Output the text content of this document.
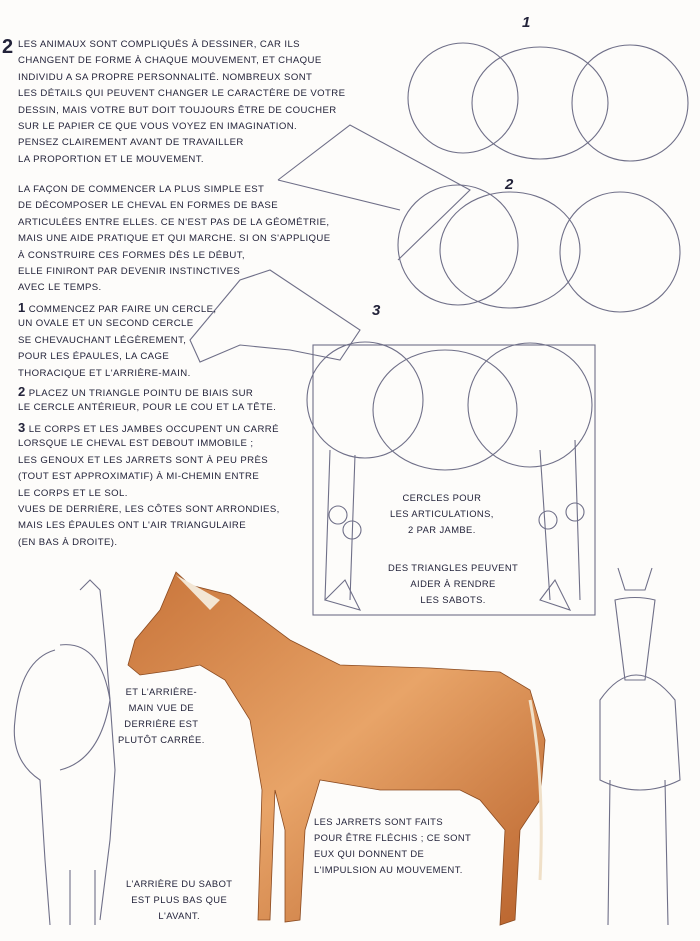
2 LES ANIMAUX SONT COMPLIQUÉS À DESSINER, CAR ILS
CHANGENT DE FORME À CHAQUE MOUVEMENT, ET CHAQUE
INDIVIDU A SA PROPRE PERSONNALITÉ. NOMBREUX SONT
LES DÉTAILS QUI PEUVENT CHANGER LE CARACTÈRE DE VOTRE
DESSIN, MAIS VOTRE BUT DOIT TOUJOURS ÊTRE DE COUCHER
SUR LE PAPIER CE QUE VOUS VOYEZ EN IMAGINATION.
PENSEZ CLAIREMENT AVANT DE TRAVAILLER
LA PROPORTION ET LE MOUVEMENT.
LA FAÇON DE COMMENCER LA PLUS SIMPLE EST
DE DÉCOMPOSER LE CHEVAL EN FORMES DE BASE
ARTICULÉES ENTRE ELLES. CE N'EST PAS DE LA GÉOMÉTRIE,
MAIS UNE AIDE PRATIQUE ET QUI MARCHE. SI ON S'APPLIQUE
À CONSTRUIRE CES FORMES DÈS LE DÉBUT,
ELLE FINIRONT PAR DEVENIR INSTINCTIVES
AVEC LE TEMPS.
1 COMMENCEZ PAR FAIRE UN CERCLE,
UN OVALE ET UN SECOND CERCLE
SE CHEVAUCHANT LÉGÈREMENT,
POUR LES ÉPAULES, LA CAGE
THORACIQUE ET L'ARRIÈRE-MAIN.
2 PLACEZ UN TRIANGLE POINTU DE BIAIS SUR
LE CERCLE ANTÉRIEUR, POUR LE COU ET LA TÊTE.
3 LE CORPS ET LES JAMBES OCCUPENT UN CARRÉ
LORSQUE LE CHEVAL EST DEBOUT IMMOBILE ;
LES GENOUX ET LES JARRETS SONT À PEU PRÈS
(TOUT EST APPROXIMATIF) À MI-CHEMIN ENTRE
LE CORPS ET LE SOL.
VUES DE DERRIÈRE, LES CÔTES SONT ARRONDIES,
MAIS LES ÉPAULES ONT L'AIR TRIANGULAIRE
(EN BAS À DROITE).
1
2
3
CERCLES POUR
LES ARTICULATIONS,
2 PAR JAMBE.
DES TRIANGLES PEUVENT
AIDER À RENDRE
LES SABOTS.
ET L'ARRIÈRE-
MAIN VUE DE
DERRIÈRE EST
PLUTÔT CARRÉE.
LES JARRETS SONT FAITS
POUR ÊTRE FLÉCHIS ; CE SONT
EUX QUI DONNENT DE
L'IMPULSION AU MOUVEMENT.
L'ARRIÈRE DU SABOT
EST PLUS BAS QUE
L'AVANT.
